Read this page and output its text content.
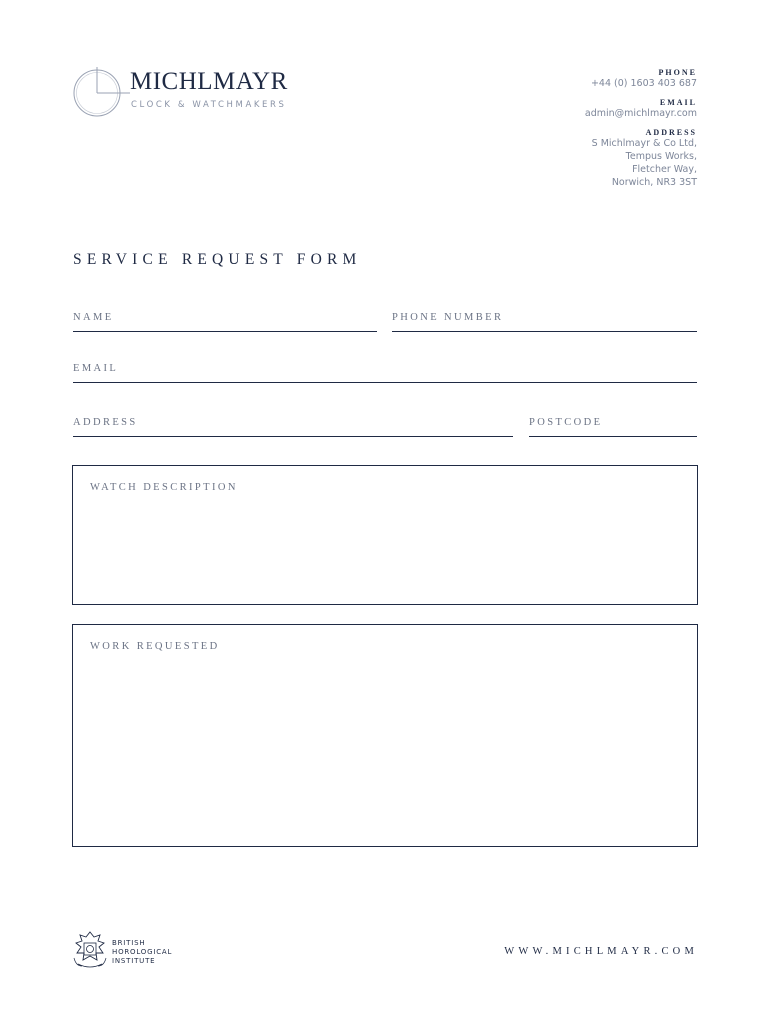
MICHLMAYR
CLOCK & WATCHMAKERS
PHONE
+44 (0) 1603 403 687
EMAIL
admin@michlmayr.com
ADDRESS
S Michlmayr & Co Ltd,
Tempus Works,
Fletcher Way,
Norwich, NR3 3ST
SERVICE REQUEST FORM
NAME	PHONE NUMBER
EMAIL
ADDRESS	POSTCODE
WATCH DESCRIPTION
WORK REQUESTED
BRITISH
HOROLOGICAL
INSTITUTE
WWW.MICHLMAYR.COM
